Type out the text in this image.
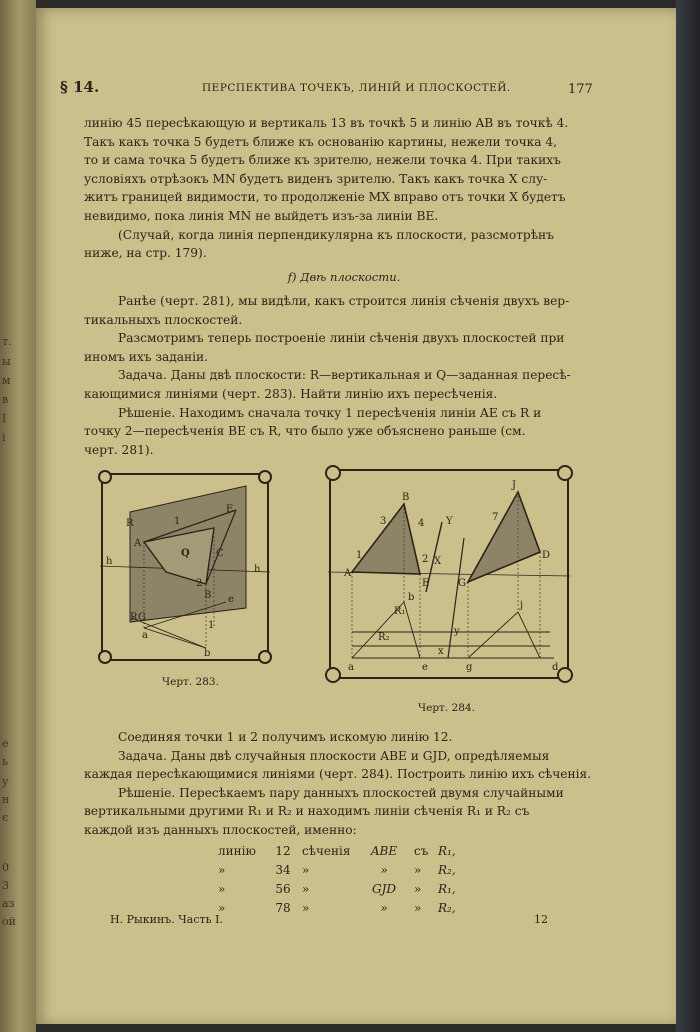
т.
ы
м
в
I
і
е
ь
у
н
є
0
3
аз
ой
§ 14.	ПЕРСПЕКТИВА ТОЧЕКЪ, ЛИНІЙ И ПЛОСКОСТЕЙ.	177

линію 45 пересѣкающую и вертикаль 13 въ точкѣ 5 и линію AB въ точкѣ 4.

Такъ какъ точка 5 будетъ ближе къ основанію картины, нежели точка 4,

то и сама точка 5 будетъ ближе къ зрителю, нежели точка 4. При такихъ

условіяхъ отрѣзокъ MN будетъ виденъ зрителю. Такъ какъ точка X слу-

житъ границей видимости, то продолженіе MX вправо отъ точки X будетъ

невидимо, пока линія MN не выйдетъ изъ-за линіи BE.

(Случай, когда линія перпендикулярна къ плоскости, разсмотрѣнъ

ниже, на стр. 179).

f) Двѣ плоскости.

Ранѣе (черт. 281), мы видѣли, какъ строится линія сѣченія двухъ вер-

тикальныхъ плоскостей.

Разсмотримъ теперь построеніе линіи сѣченія двухъ плоскостей при

иномъ ихъ заданіи.

Задача. Даны двѣ плоскости: R—вертикальная и Q—заданная пересѣ-

кающимися линіями (черт. 283). Найти линію ихъ пересѣченія.

Рѣшеніе. Находимъ сначала точку 1 пересѣченія линіи AE съ R и

точку 2—пересѣченія BE съ R, что было уже объяснено раньше (см.

черт. 281).

R
E
A
1
Q	C
h
h
B
2
R G
b
e
a
1
Черт. 283.
B
3	4
A
1
E
2 X
Y
J
7
G
D
R₁
R₂
a	e
b
x
y
g	d
j
Черт. 284.

Соединяя точки 1 и 2 получимъ искомую линію 12.

Задача. Даны двѣ случайныя плоскости ABE и GJD, опредѣляемыя

каждая пересѣкающимися линіями (черт. 284). Построить линію ихъ сѣченія.

Рѣшеніе. Пересѣкаемъ пару данныхъ плоскостей двумя случайными

вертикальными другими R₁ и R₂ и находимъ линіи сѣченія R₁ и R₂ съ

каждой изъ данныхъ плоскостей, именно:

линію	12 сѣченія	ABE	съ R₁,
»	34 »	»	»	R₂,
»	56 »	GJD	»	R₁,
»	78 »	»	»	R₂,
Н. Рыкинъ. Часть I.	12
